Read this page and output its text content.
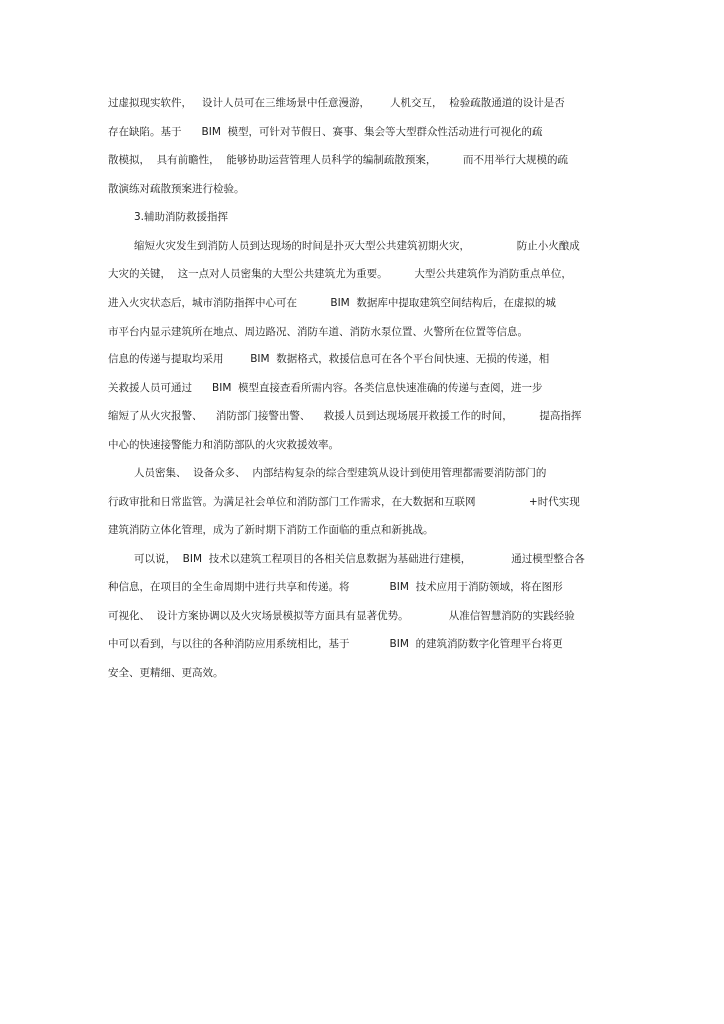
过虚拟现实软件，   设计人员可在三维场景中任意漫游，      人机交互，  检验疏散通道的设计是否
存在缺陷。基于      BIM  模型，可针对节假日、赛事、集会等大型群众性活动进行可视化的疏
散模拟，  具有前瞻性，  能够协助运营管理人员科学的编制疏散预案，        而不用举行大规模的疏
散演练对疏散预案进行检验。
3.辅助消防救援指挥
缩短火灾发生到消防人员到达现场的时间是扑灭大型公共建筑初期火灾，              防止小火酿成
大灾的关键，  这一点对人员密集的大型公共建筑尤为重要。        大型公共建筑作为消防重点单位，
进入火灾状态后，城市消防指挥中心可在          BIM  数据库中提取建筑空间结构后，在虚拟的城
市平台内显示建筑所在地点、周边路况、消防车道、消防水泵位置、火警所在位置等信息。
信息的传递与提取均采用        BIM  数据格式，救援信息可在各个平台间快速、无损的传递，相
关救援人员可通过      BIM  模型直接查看所需内容。各类信息快速准确的传递与查阅，进一步
缩短了从火灾报警、    消防部门接警出警、    救援人员到达现场展开救援工作的时间，        提高指挥
中心的快速接警能力和消防部队的火灾救援效率。
人员密集、  设备众多、  内部结构复杂的综合型建筑从设计到使用管理都需要消防部门的
行政审批和日常监管。为满足社会单位和消防部门工作需求，在大数据和互联网                +时代实现
建筑消防立体化管理，成为了新时期下消防工作面临的重点和新挑战。
可以说，  BIM  技术以建筑工程项目的各相关信息数据为基础进行建模，            通过模型整合各
种信息，在项目的全生命周期中进行共享和传递。将            BIM  技术应用于消防领域，将在图形
可视化、  设计方案协调以及火灾场景模拟等方面具有显著优势。            从准信智慧消防的实践经验
中可以看到，与以往的各种消防应用系统相比，基于            BIM  的建筑消防数字化管理平台将更
安全、更精细、更高效。
